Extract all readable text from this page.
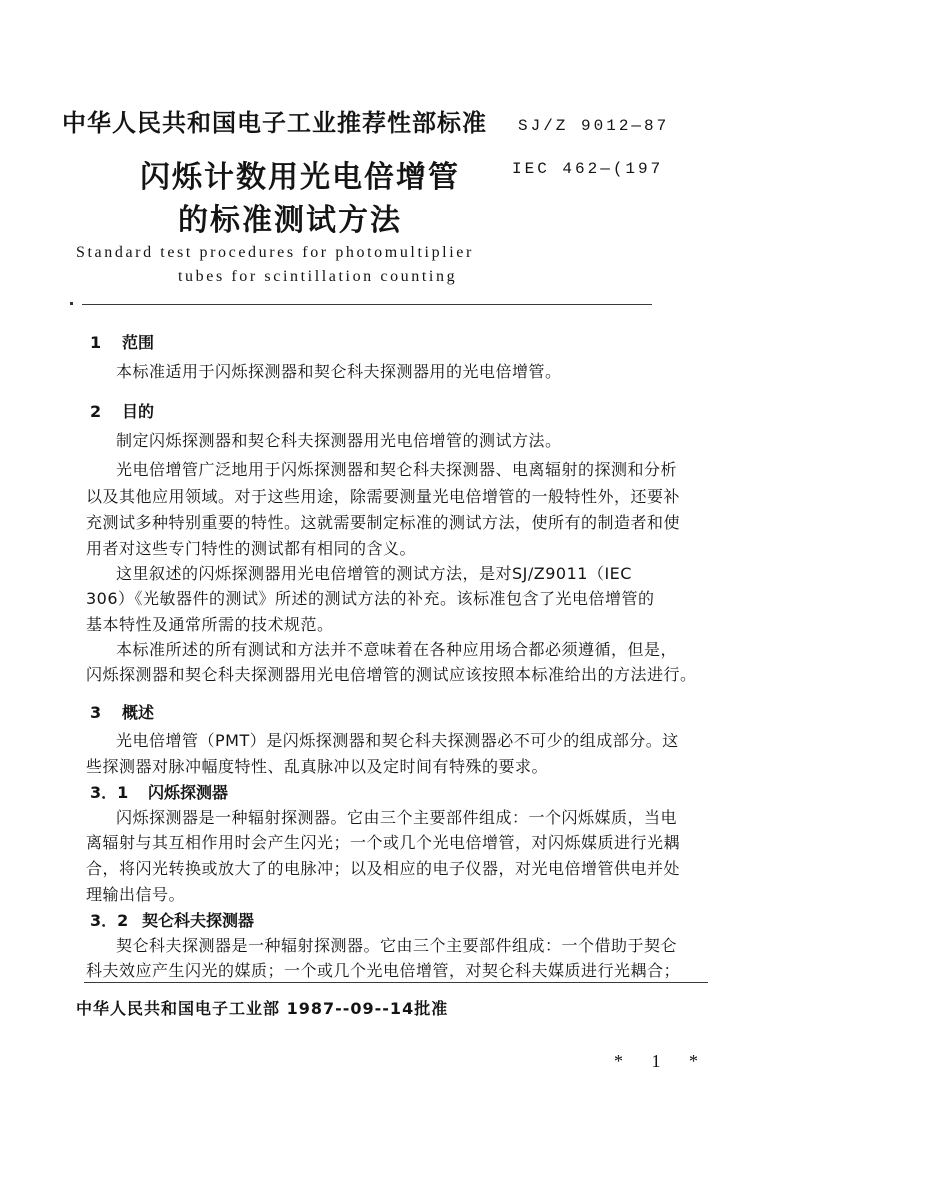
中华人民共和国电子工业推荐性部标准 SJ/Z 9012—87
闪烁计数用光电倍增管	IEC 462—(197
的标准测试方法
Standard test procedures for photomultiplier
tubes for scintillation counting
1 范围
本标准适用于闪烁探测器和契仑科夫探测器用的光电倍增管。
2 目的
制定闪烁探测器和契仑科夫探测器用光电倍增管的测试方法。
光电倍增管广泛地用于闪烁探测器和契仑科夫探测器、电离辐射的探测和分析
以及其他应用领域。对于这些用途，除需要测量光电倍增管的一般特性外，还要补
充测试多种特别重要的特性。这就需要制定标准的测试方法，使所有的制造者和使
用者对这些专门特性的测试都有相同的含义。
这里叙述的闪烁探测器用光电倍增管的测试方法，是对SJ/Z9011（IEC
306）《光敏器件的测试》所述的测试方法的补充。该标准包含了光电倍增管的
基本特性及通常所需的技术规范。
本标准所述的所有测试和方法并不意味着在各种应用场合都必须遵循，但是，
闪烁探测器和契仑科夫探测器用光电倍增管的测试应该按照本标准给出的方法进行。
3 概述
光电倍增管（PMT）是闪烁探测器和契仑科夫探测器必不可少的组成部分。这
些探测器对脉冲幅度特性、乱真脉冲以及定时间有特殊的要求。
3．1 闪烁探测器
闪烁探测器是一种辐射探测器。它由三个主要部件组成：一个闪烁媒质，当电
离辐射与其互相作用时会产生闪光；一个或几个光电倍增管，对闪烁媒质进行光耦
合，将闪光转换或放大了的电脉冲；以及相应的电子仪器，对光电倍增管供电并处
理输出信号。
3．2 契仑科夫探测器
契仑科夫探测器是一种辐射探测器。它由三个主要部件组成：一个借助于契仑
科夫效应产生闪光的媒质；一个或几个光电倍增管，对契仑科夫媒质进行光耦合；
中华人民共和国电子工业部 1987--09--14批准
* 1 *
